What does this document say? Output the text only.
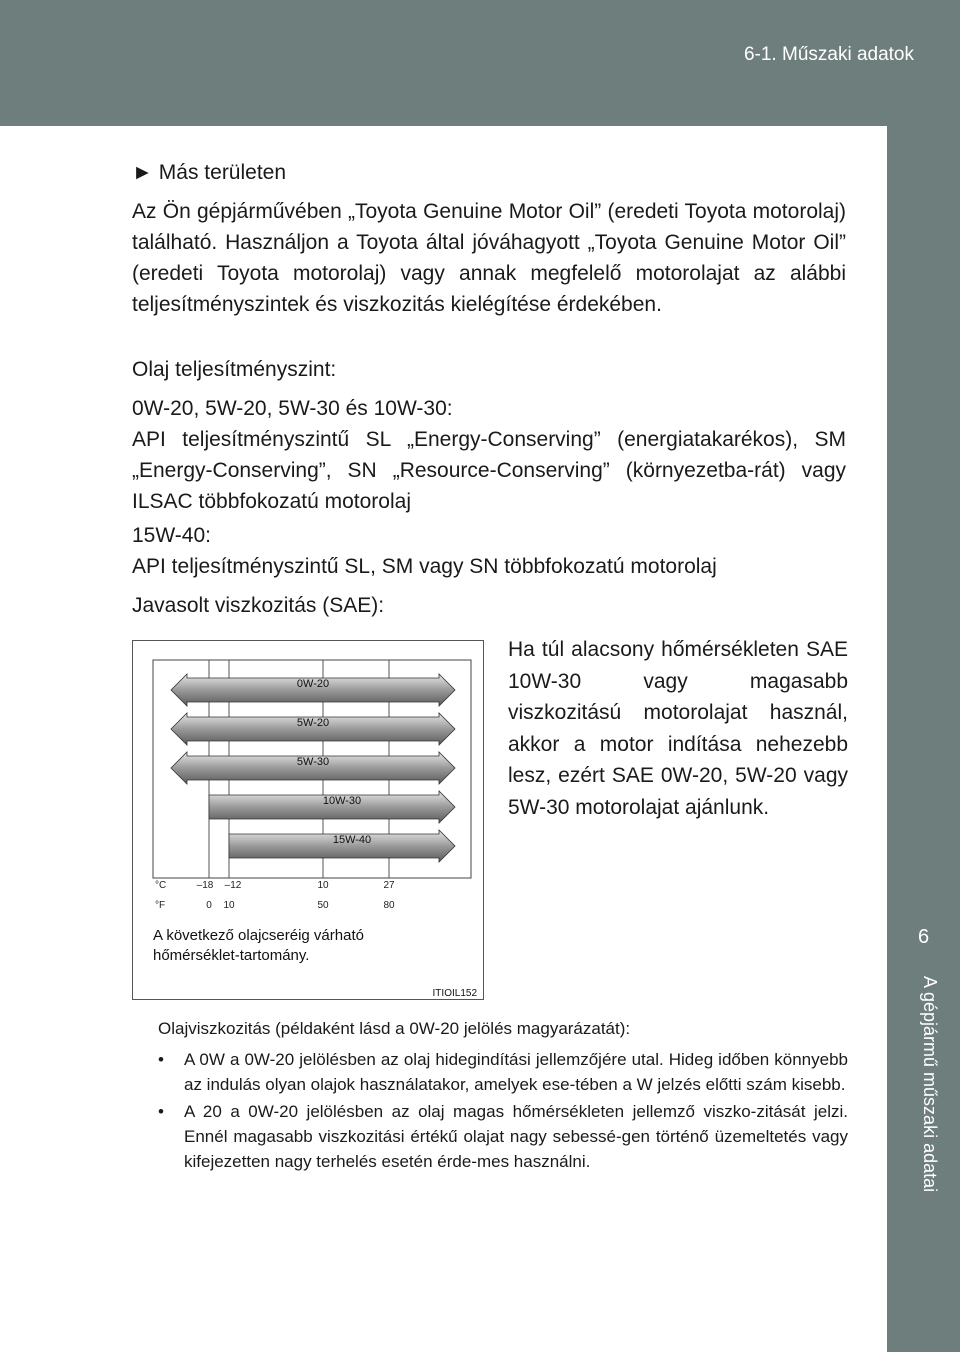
6-1. Műszaki adatok
6
A gépjármű műszaki adatai
► Más területen
Az Ön gépjárművében „Toyota Genuine Motor Oil” (eredeti Toyota motorolaj) található. Használjon a Toyota által jóváhagyott „Toyota Genuine Motor Oil” (eredeti Toyota motorolaj) vagy annak megfelelő motorolajat az alábbi teljesítményszintek és viszkozitás kielégítése érdekében.
Olaj teljesítményszint:
0W-20, 5W-20, 5W-30 és 10W-30:
API teljesítményszintű SL „Energy-Conserving” (energiatakarékos), SM „Energy-Conserving”, SN „Resource-Conserving” (környezetba-rát) vagy ILSAC többfokozatú motorolaj
15W-40:
API teljesítményszintű SL, SM vagy SN többfokozatú motorolaj
Javasolt viszkozitás (SAE):
0W-20
5W-20
5W-30
10W-30
15W-40
°C
°F
–18 –12	10	27
0 10	50	80
A következő olajcseréig várható
hőmérséklet-tartomány.
ITIOIL152
Ha túl alacsony hőmérsékleten SAE 10W-30 vagy magasabb viszkozitású motorolajat használ, akkor a motor indítása nehezebb lesz, ezért SAE 0W-20, 5W-20 vagy 5W-30 motorolajat ajánlunk.
Olajviszkozitás (példaként lásd a 0W-20 jelölés magyarázatát):
• A 0W a 0W-20 jelölésben az olaj hidegindítási jellemzőjére utal. Hideg időben könnyebb az indulás olyan olajok használatakor, amelyek ese-tében a W jelzés előtti szám kisebb.
• A 20 a 0W-20 jelölésben az olaj magas hőmérsékleten jellemző viszko-zitását jelzi. Ennél magasabb viszkozitási értékű olajat nagy sebessé-gen történő üzemeltetés vagy kifejezetten nagy terhelés esetén érde-mes használni.
